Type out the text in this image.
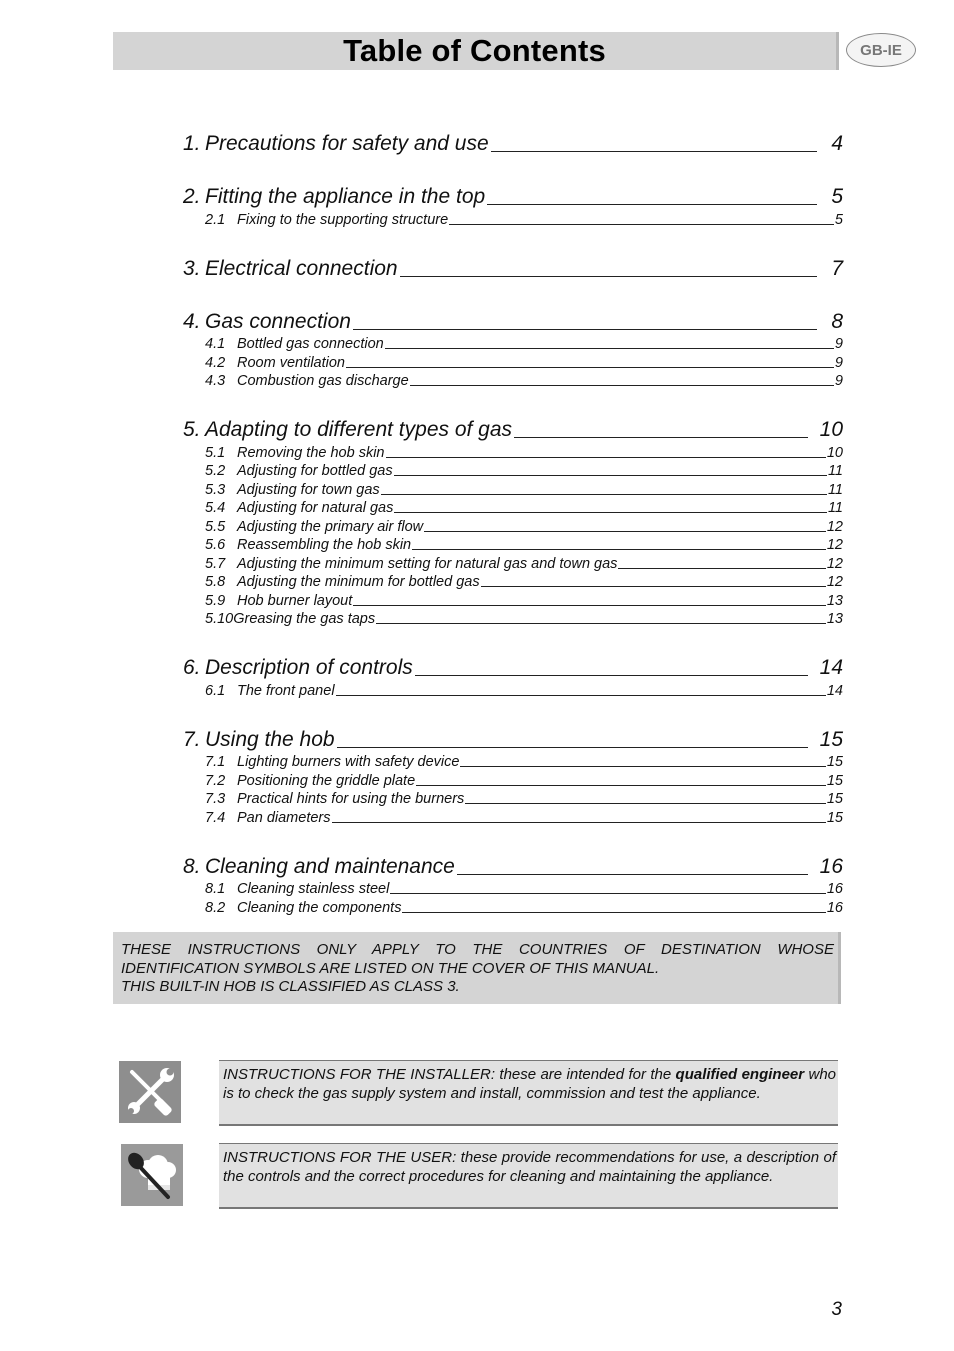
Table of Contents	GB-IE
1. Precautions for safety and use	4
2. Fitting the appliance in the top	5
2.1 Fixing to the supporting structure	5
3. Electrical connection	7
4. Gas connection	8
4.1 Bottled gas connection	9
4.2 Room ventilation	9
4.3 Combustion gas discharge	9
5. Adapting to different types of gas	10
5.1 Removing the hob skin	10
5.2 Adjusting for bottled gas	11
5.3 Adjusting for town gas	11
5.4 Adjusting for natural gas	11
5.5 Adjusting the primary air flow	12
5.6 Reassembling the hob skin	12
5.7 Adjusting the minimum setting for natural gas and town gas	12
5.8 Adjusting the minimum for bottled gas	12
5.9 Hob burner layout	13
5.10 Greasing the gas taps	13
6. Description of controls	14
6.1 The front panel	14
7. Using the hob	15
7.1 Lighting burners with safety device	15
7.2 Positioning the griddle plate	15
7.3 Practical hints for using the burners	15
7.4 Pan diameters	15
8. Cleaning and maintenance	16
8.1 Cleaning stainless steel	16
8.2 Cleaning the components	16
THESE INSTRUCTIONS ONLY APPLY TO THE COUNTRIES OF DESTINATION WHOSE IDENTIFICATION SYMBOLS ARE LISTED ON THE COVER OF THIS MANUAL.
THIS BUILT-IN HOB IS CLASSIFIED AS CLASS 3.
INSTRUCTIONS FOR THE INSTALLER: these are intended for the qualified engineer who is to check the gas supply system and install, commission and test the appliance.
INSTRUCTIONS FOR THE USER: these provide recommendations for use, a description of the controls and the correct procedures for cleaning and maintaining the appliance.
3
